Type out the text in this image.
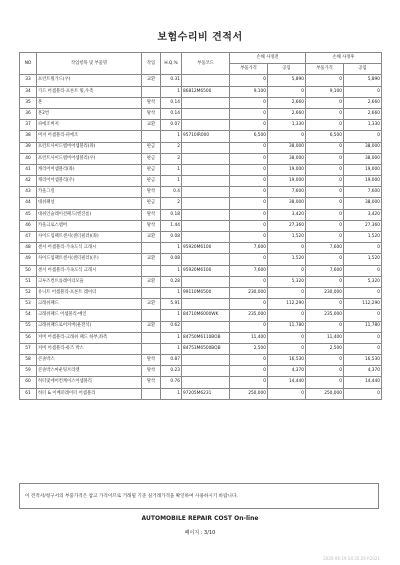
보험수리비 견적서
NO	작업항목 및 부품명	작업	H.Q.%	부품코드	손해 사정전		손해 사정후	
					부품가격	공임	부품가격	공임
33	프런트휠가드(우)	교환	0.31		0	5,890	0	5,890
34	가드 어셈블리-프론트 휠,우측		1	86812M6500	9,100	0	9,100	0
35	혼	탈착	0.14		0	2,660	0	2,660
36	혼2번	탈착	0.14		0	2,660	0	2,660
37	파에조버저	교환	0.07		0	1,330	0	1,330
38	버저 어셈블리-파에조		1	95710IR000	6,500	0	6,500	0
39	프런트사이드멤버어셈블리(좌)	판금	2		0	38,000	0	38,000
40	프런트사이드멤버어셈블리(우)	판금	2		0	38,000	0	38,000
41	캐리어어셈블리(좌)	판금	1		0	19,000	0	19,000
42	캐리어어셈블리(우)	판금	1		0	19,000	0	19,000
43	카울그릴	탈착	0.4		0	7,600	0	7,600
44	대쉬패널	판금	2		0	38,000	0	38,000
45	대쉬인슐레이션패드(엔진룸)	탈착	0.18		0	3,420	0	3,420
46	카울크로스멤버	탈착	1.44		0	27,360	0	27,360
47	사이드임팩트센서(센터필러)(좌)	교환	0.08		0	1,520	0	1,520
48	센서 어셈블리-가속도식 크래시		1	95920M6100	7,600	0	7,600	0
49	사이드임팩트센서(센터필러)(우)	교환	0.08		0	1,520	0	1,520
50	센서 어셈블리-가속도식 크래시		1	95920M6100	7,600	0	7,600	0
51	크루즈컨트롤레이더모듈	교환	0.28		0	5,320	0	5,320
52	유니트 어셈블리-프론트 레이더		1	99110M6500	230,000	0	230,000	0
53	크래쉬패드	교환	5.91		0	112,290	0	112,290
54	크래쉬패드 어셈블리-메인		1	84710M6000WK	235,000	0	235,000	0
55	크래쉬패드로어커버(운전석)	교환	0.62		0	11,780	0	11,780
56	커버 어셈블리-크래쉬 패드 하부,좌측		1	84750M6110BOB	11,400	0	11,400	0
57	커버 어셈블리-퓨즈 박스		1	84753M6500BOB	2,500	0	2,500	0
58	콘솔박스	탈착	0.87		0	16,530	0	16,530
59	콘솔박스마운팅브라켓	탈착	0.23		0	4,370	0	4,370
60	히터및에어컨케이스어셈블리	탈착	0.76		0	14,440	0	14,440
61	히터 & 이베퍼레이터 어셈블리		1	97205M6231	250,000	0	250,000	0
이 견적서/청구서의 부품가격은 참고 가격이므로 거래될 기준 실거래가격을 확인하여 사용하시기 바랍니다.
AUTOMOBILE REPAIR COST On-line
페이지 : 3/10
2020-06-19 14:35:29 R2021
